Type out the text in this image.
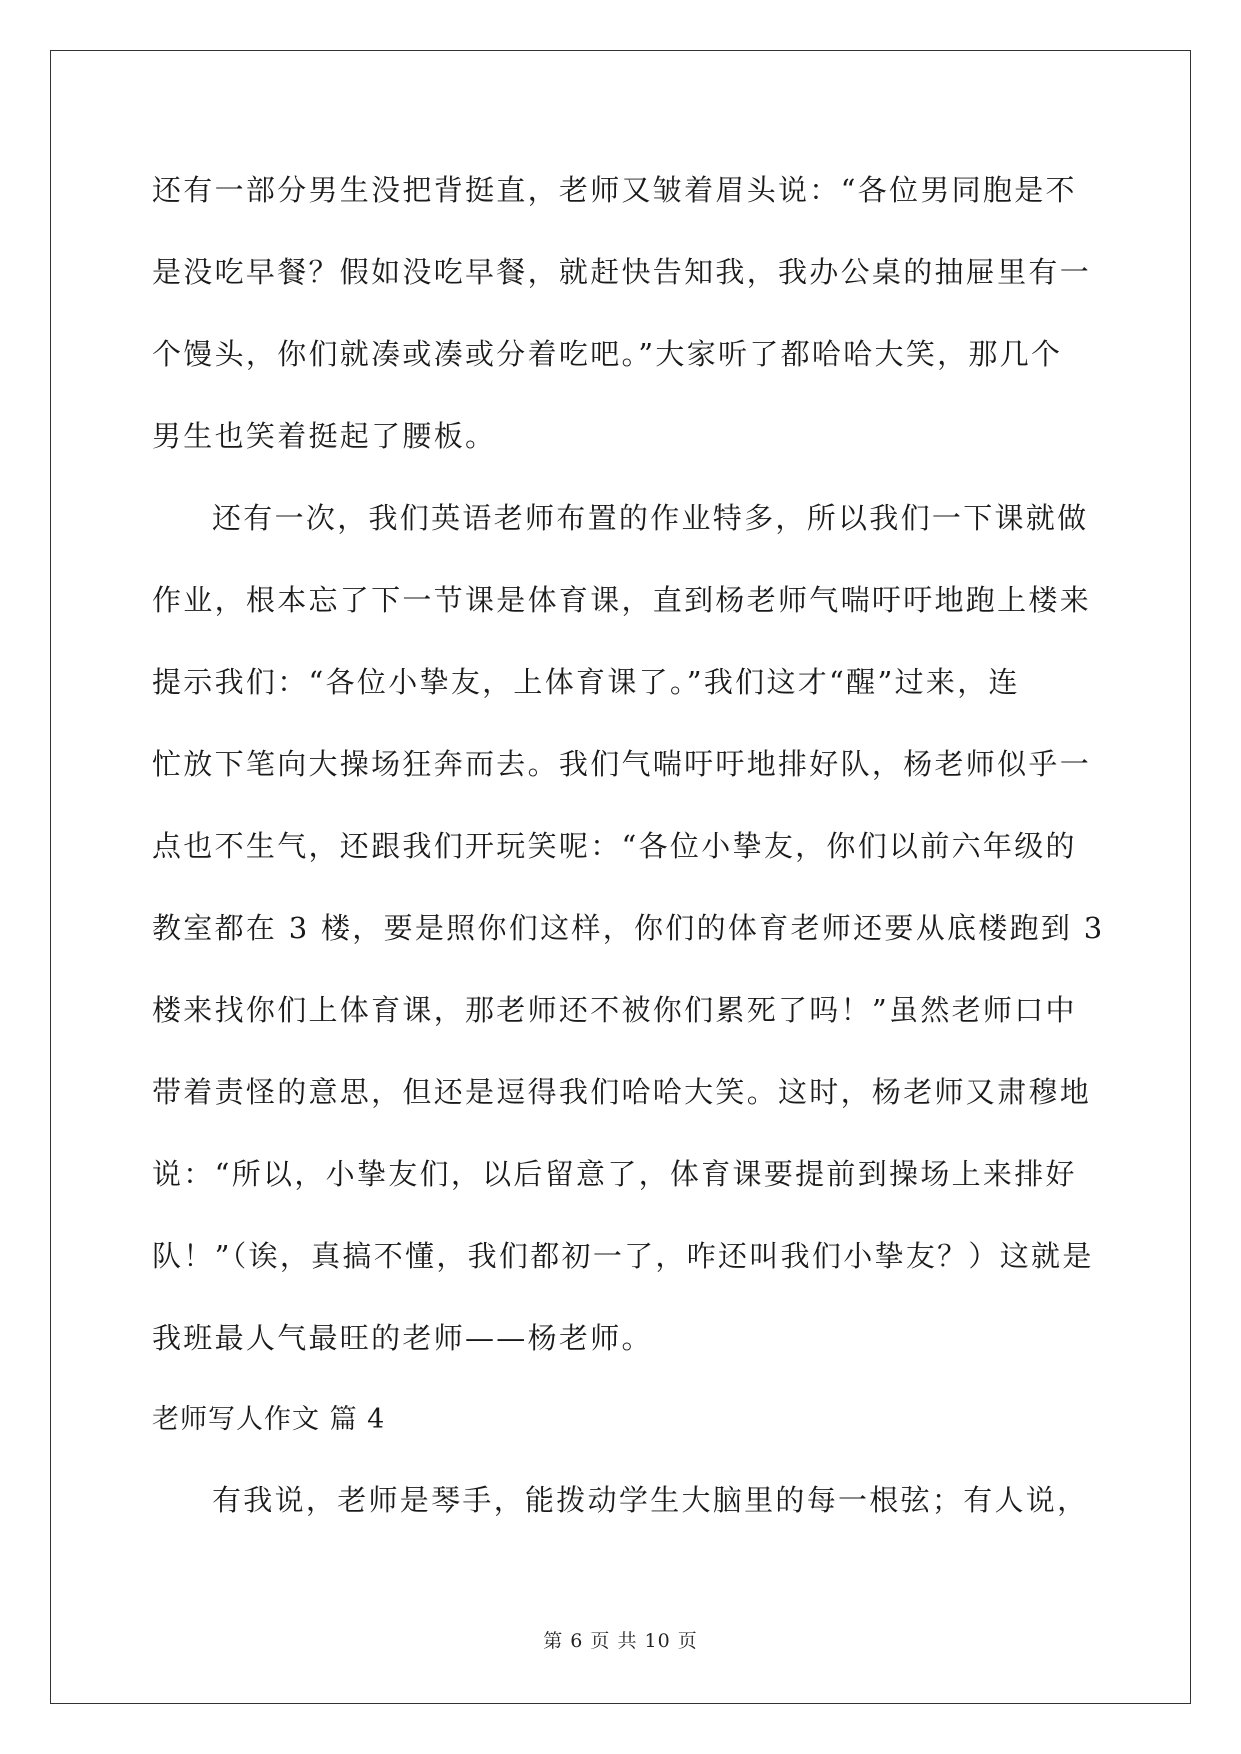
还有一部分男生没把背挺直，老师又皱着眉头说：“各位男同胞是不
是没吃早餐？假如没吃早餐，就赶快告知我，我办公桌的抽屉里有一
个馒头，你们就凑或凑或分着吃吧。”大家听了都哈哈大笑，那几个
男生也笑着挺起了腰板。
还有一次，我们英语老师布置的作业特多，所以我们一下课就做
作业，根本忘了下一节课是体育课，直到杨老师气喘吁吁地跑上楼来
提示我们：“各位小挚友，上体育课了。”我们这才“醒”过来，连
忙放下笔向大操场狂奔而去。我们气喘吁吁地排好队，杨老师似乎一
点也不生气，还跟我们开玩笑呢：“各位小挚友，你们以前六年级的
教室都在 3 楼，要是照你们这样，你们的体育老师还要从底楼跑到 3
楼来找你们上体育课，那老师还不被你们累死了吗！”虽然老师口中
带着责怪的意思，但还是逗得我们哈哈大笑。这时，杨老师又肃穆地
说：“所以，小挚友们，以后留意了，体育课要提前到操场上来排好
队！”（诶，真搞不懂，我们都初一了，咋还叫我们小挚友？）这就是
我班最人气最旺的老师——杨老师。
老师写人作文 篇 4
有我说，老师是琴手，能拨动学生大脑里的每一根弦；有人说，
第 6 页 共 10 页
